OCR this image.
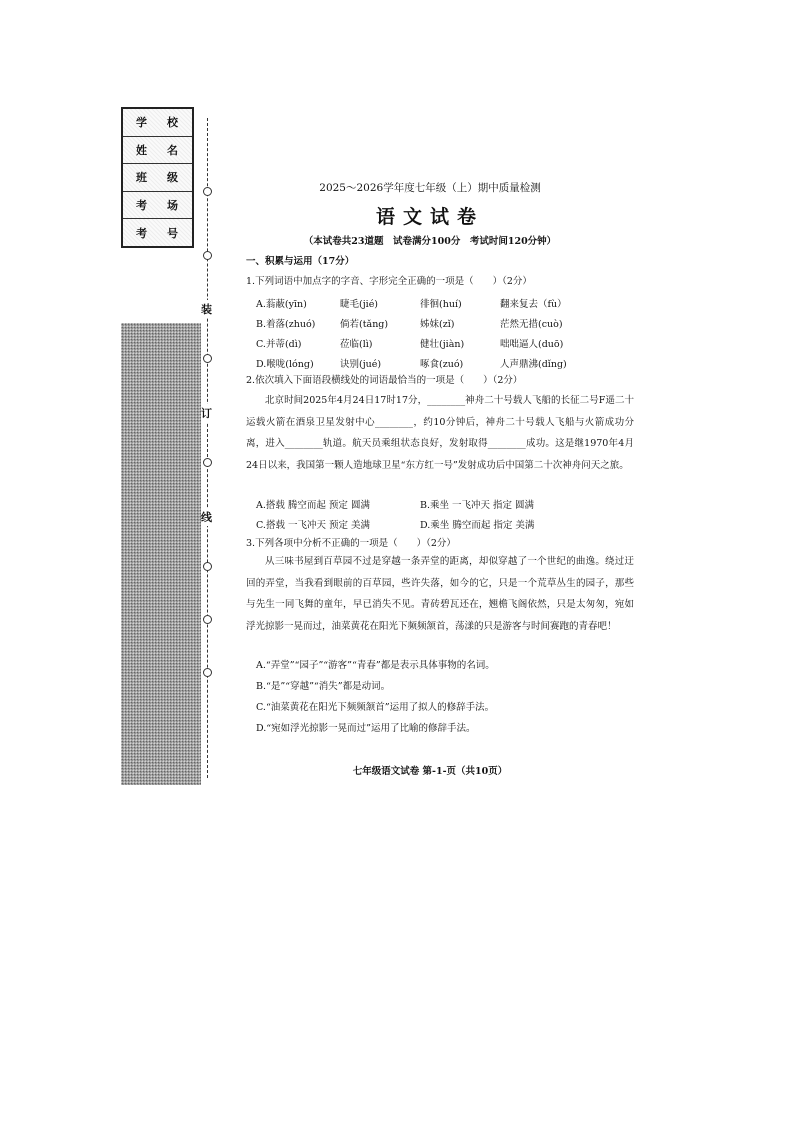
学 校
姓 名
班 级
考 场
考 号
装
订
线
2025～2026学年度七年级（上）期中质量检测
语文试卷
（本试卷共23道题　试卷满分100分　考试时间120分钟）
一、积累与运用（17分）
1.下列词语中加点字的字音、字形完全正确的一项是（　　）（2分）
A.蓊蔽(yīn)	睫毛(jié)	徘徊(huí)	翻来复去（fù）
B.着落(zhuó)	倘若(tǎng)	姊妹(zǐ)	茫然无措(cuò)
C.并蒂(dì)	莅临(lì)	健壮(jiàn)	咄咄逼人(duō)
D.喉咙(lóng)	诀别(jué)	啄食(zuó)	人声鼎沸(dǐng)
2.依次填入下面语段横线处的词语最恰当的一项是（　　）（2分）
北京时间2025年4月24日17时17分，________神舟二十号载人飞船的长征二号F遥二十运载火箭在酒泉卫星发射中心________，约10分钟后，神舟二十号载人飞船与火箭成功分离，进入________轨道。航天员乘组状态良好，发射取得________成功。这是继1970年4月24日以来，我国第一颗人造地球卫星“东方红一号”发射成功后中国第二十次神舟问天之旅。
A.搭载 腾空而起 预定 圆满	B.乘坐 一飞冲天 指定 圆满
C.搭载 一飞冲天 预定 美满	D.乘坐 腾空而起 指定 美满
3.下列各项中分析不正确的一项是（　　）（2分）
从三味书屋到百草园不过是穿越一条弄堂的距离，却似穿越了一个世纪的曲逸。绕过迂回的弄堂，当我看到眼前的百草园，些许失落，如今的它，只是一个荒草丛生的园子，那些与先生一同飞舞的童年，早已消失不见。青砖碧瓦还在，翘檐飞阁依然，只是太匆匆，宛如浮光掠影一晃而过，油菜黄花在阳光下频频颔首，荡漾的只是游客与时间赛跑的青春吧！
A.“弄堂”“园子”“游客”“青春”都是表示具体事物的名词。
B.“是”“穿越”“消失”都是动词。
C.“油菜黄花在阳光下频频颔首”运用了拟人的修辞手法。
D.“宛如浮光掠影一晃而过”运用了比喻的修辞手法。
七年级语文试卷 第-1-页（共10页）
